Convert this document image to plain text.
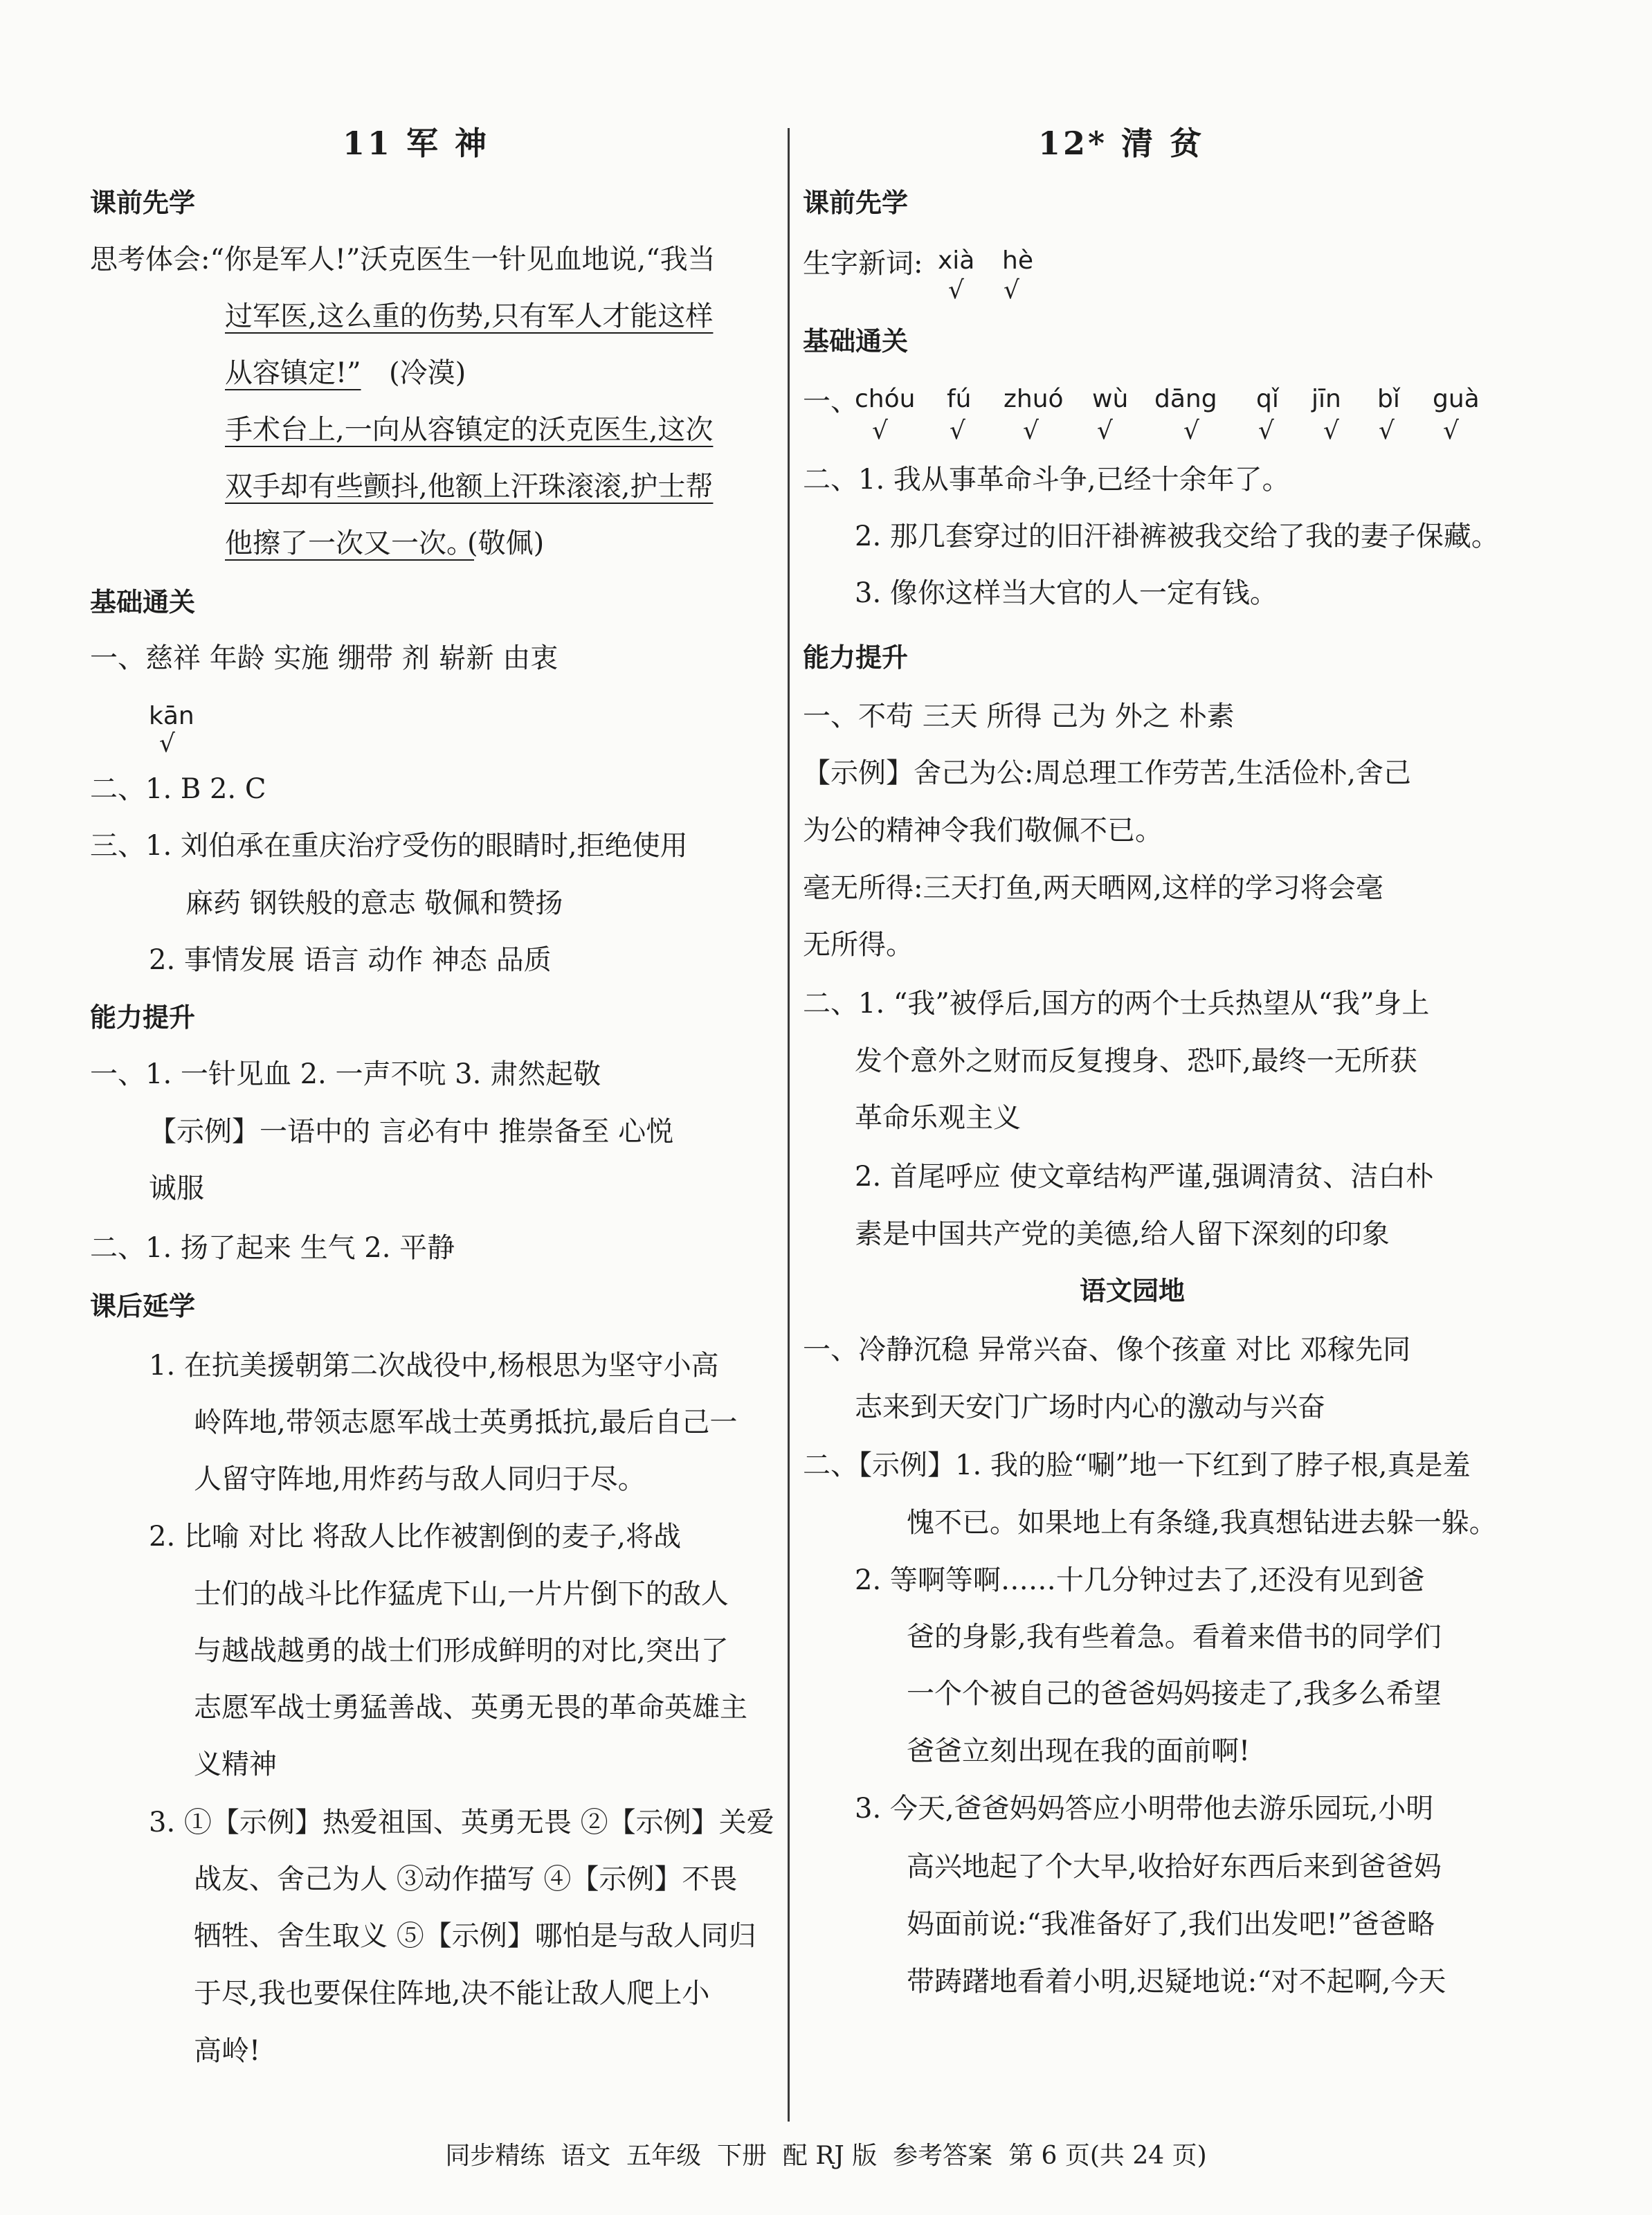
11 军 神
课前先学
思考体会:“你是军人!”沃克医生一针见血地说,“我当
过军医,这么重的伤势,只有军人才能这样
从容镇定!” (冷漠)
手术台上,一向从容镇定的沃克医生,这次
双手却有些颤抖,他额上汗珠滚滚,护士帮
他擦了一次又一次。
(敬佩)
基础通关
一、慈祥 年龄 实施 绷带 剂 崭新 由衷
kān
√
二、1. B 2. C
三、1. 刘伯承在重庆治疗受伤的眼睛时,拒绝使用
麻药 钢铁般的意志 敬佩和赞扬
2. 事情发展 语言 动作 神态 品质
能力提升
一、1. 一针见血 2. 一声不吭 3. 肃然起敬
【示例】一语中的 言必有中 推崇备至 心悦
诚服
二、1. 扬了起来 生气 2. 平静
课后延学
1. 在抗美援朝第二次战役中,杨根思为坚守小高
岭阵地,带领志愿军战士英勇抵抗,最后自己一
人留守阵地,用炸药与敌人同归于尽。
2. 比喻 对比 将敌人比作被割倒的麦子,将战
士们的战斗比作猛虎下山,一片片倒下的敌人
与越战越勇的战士们形成鲜明的对比,突出了
志愿军战士勇猛善战、英勇无畏的革命英雄主
义精神
3. ①【示例】热爱祖国、英勇无畏 ②【示例】关爱
战友、舍己为人 ③动作描写 ④【示例】不畏
牺牲、舍生取义 ⑤【示例】哪怕是与敌人同归
于尽,我也要保住阵地,决不能让敌人爬上小
高岭!
12* 清 贫
课前先学
生字新词: xià hè
√ √
基础通关
一、
chóu fú zhuó wù dāng qǐ jīn bǐ guà
√ √ √ √	√ √ √ √ √
二、1. 我从事革命斗争,已经十余年了。
2. 那几套穿过的旧汗褂裤被我交给了我的妻子保藏。
3. 像你这样当大官的人一定有钱。
能力提升
一、不苟 三天 所得 己为 外之 朴素
【示例】舍己为公:周总理工作劳苦,生活俭朴,舍己
为公的精神令我们敬佩不已。
毫无所得:三天打鱼,两天晒网,这样的学习将会毫
无所得。
二、1. “我”被俘后,国方的两个士兵热望从“我”身上
发个意外之财而反复搜身、恐吓,最终一无所获
革命乐观主义
2. 首尾呼应 使文章结构严谨,强调清贫、洁白朴
素是中国共产党的美德,给人留下深刻的印象
语文园地
一、冷静沉稳 异常兴奋、像个孩童 对比 邓稼先同
志来到天安门广场时内心的激动与兴奋
二、【示例】1. 我的脸“唰”地一下红到了脖子根,真是羞
愧不已。如果地上有条缝,我真想钻进去躲一躲。
2. 等啊等啊……十几分钟过去了,还没有见到爸
爸的身影,我有些着急。看着来借书的同学们
一个个被自己的爸爸妈妈接走了,我多么希望
爸爸立刻出现在我的面前啊!
3. 今天,爸爸妈妈答应小明带他去游乐园玩,小明
高兴地起了个大早,收拾好东西后来到爸爸妈
妈面前说:“我准备好了,我们出发吧!”爸爸略
带踌躇地看着小明,迟疑地说:“对不起啊,今天
同步精练  语文  五年级  下册  配 RJ 版  参考答案  第 6 页(共 24 页)
